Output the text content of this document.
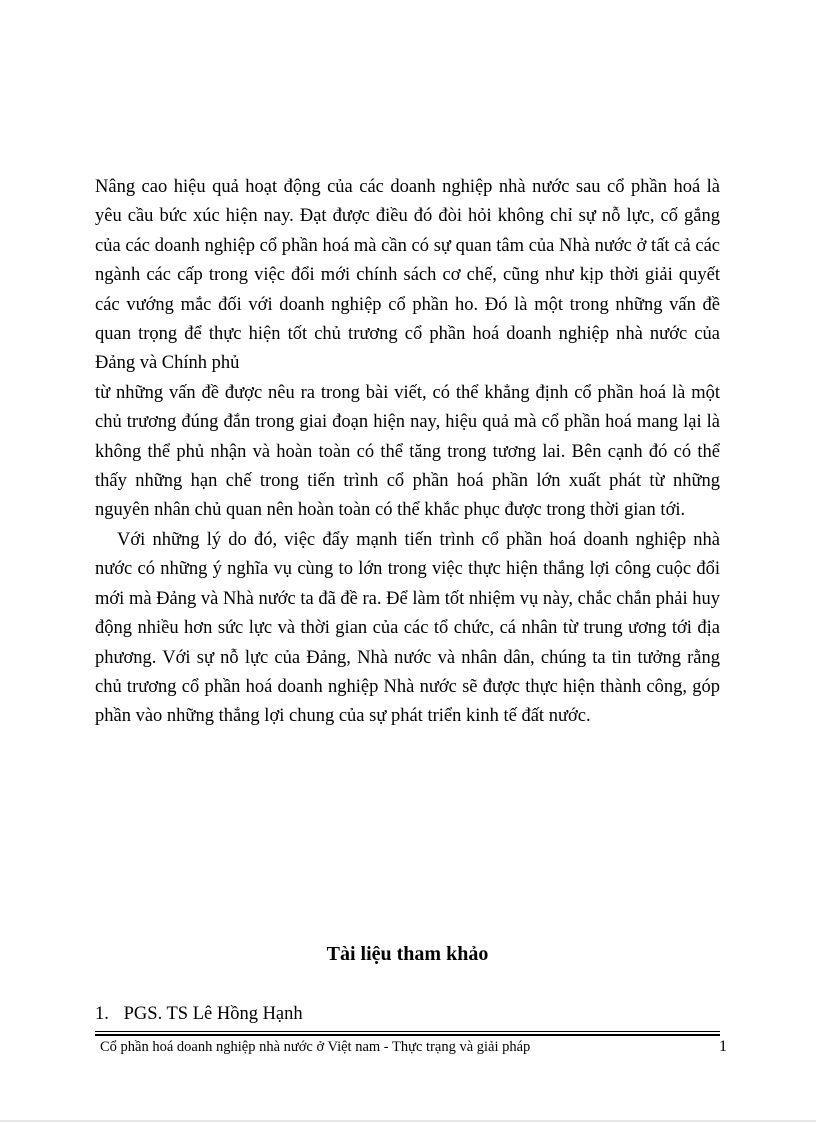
Nâng cao hiệu quả hoạt động của các doanh nghiệp nhà nước sau cổ phần hoá là yêu cầu bức xúc hiện nay. Đạt được điều đó đòi hỏi không chỉ sự nỗ lực, cố gắng của các doanh nghiệp cổ phần hoá mà cần có sự quan tâm của Nhà nước ở tất cả các ngành các cấp trong việc đổi mới chính sách cơ chế, cũng như kịp thời giải quyết các vướng mắc đối với doanh nghiệp cổ phần ho. Đó là một trong những vấn đề quan trọng để thực hiện tốt chủ trương cổ phần hoá doanh nghiệp nhà nước của Đảng và Chính phủ

từ những vấn đề được nêu ra trong bài viết, có thể khẳng định cổ phần hoá là một chủ trương đúng đắn trong giai đoạn hiện nay, hiệu quả mà cổ phần hoá mang lại là không thể phủ nhận và hoàn toàn có thể tăng trong tương lai. Bên cạnh đó có thể thấy những hạn chế trong tiến trình cổ phần hoá phần lớn xuất phát từ những nguyên nhân chủ quan nên hoàn toàn có thể khắc phục được trong thời gian tới.

Với những lý do đó, việc đẩy mạnh tiến trình cổ phần hoá doanh nghiệp nhà nước có những ý nghĩa vụ cùng to lớn trong việc thực hiện thắng lợi công cuộc đổi mới mà Đảng và Nhà nước ta đã đề ra. Để làm tốt nhiệm vụ này, chắc chắn phải huy động nhiều hơn sức lực và thời gian của các tổ chức, cá nhân từ trung ương tới địa phương. Với sự nỗ lực của Đảng, Nhà nước và nhân dân, chúng ta tin tưởng rằng chủ trương cổ phần hoá doanh nghiệp Nhà nước sẽ được thực hiện thành công, góp phần vào những thắng lợi chung của sự phát triển kinh tế đất nước.

Tài liệu tham khảo
1. PGS. TS Lê Hồng Hạnh
Cổ phần hoá doanh nghiệp nhà nước ở Việt nam - Thực trạng và giải pháp	1
